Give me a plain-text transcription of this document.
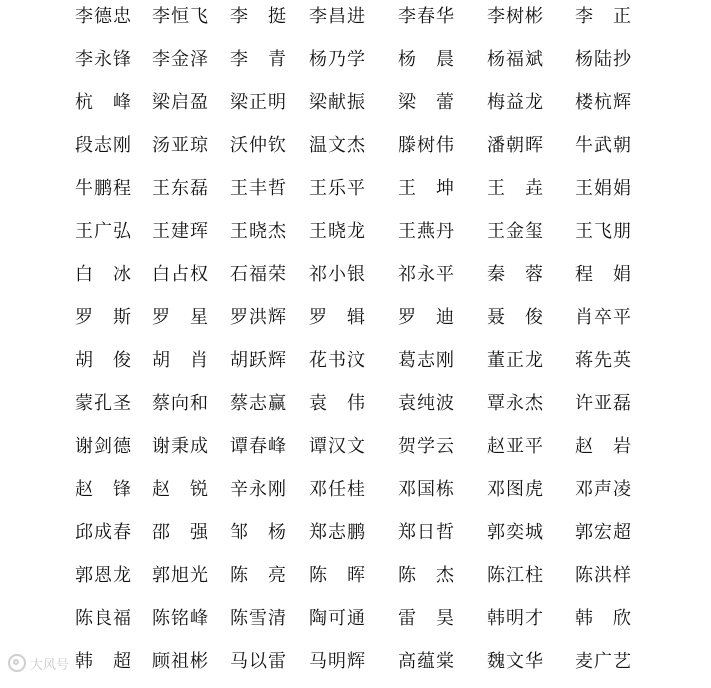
李德忠 李恒飞 李　挺 李昌进 李春华 李树彬 李　正
李永锋 李金泽 李　青 杨乃学 杨　晨 杨福斌 杨陆抄
杭　峰 梁启盈 梁正明 梁献振 梁　蕾 梅益龙 楼杭辉
段志刚 汤亚琼 沃仲钦 温文杰 滕树伟 潘朝晖 牛武朝
牛鹏程 王东磊 王丰哲 王乐平 王　坤 王　垚 王娟娟
王广弘 王建珲 王晓杰 王晓龙 王燕丹 王金玺 王飞朋
白　冰 白占权 石福荣 祁小银 祁永平 秦　蓉 程　娟
罗　斯 罗　星 罗洪辉 罗　辑 罗　迪 聂　俊 肖卒平
胡　俊 胡　肖 胡跃辉 花书汶 葛志刚 董正龙 蒋先英
蒙孔圣 蔡向和 蔡志赢 袁　伟 袁纯波 覃永杰 许亚磊
谢剑德 谢秉成 谭春峰 谭汉文 贺学云 赵亚平 赵　岩
赵　锋 赵　锐 辛永刚 邓任桂 邓国栋 邓图虎 邓声凌
邱成春 邵　强 邹　杨 郑志鹏 郑日哲 郭奕城 郭宏超
郭恩龙 郭旭光 陈　亮 陈　晖 陈　杰 陈江柱 陈洪样
陈良福 陈铭峰 陈雪清 陶可通 雷　昊 韩明才 韩　欣
韩　超 顾祖彬 马以雷 马明辉 高蕴棠 魏文华 麦广艺
大风号
